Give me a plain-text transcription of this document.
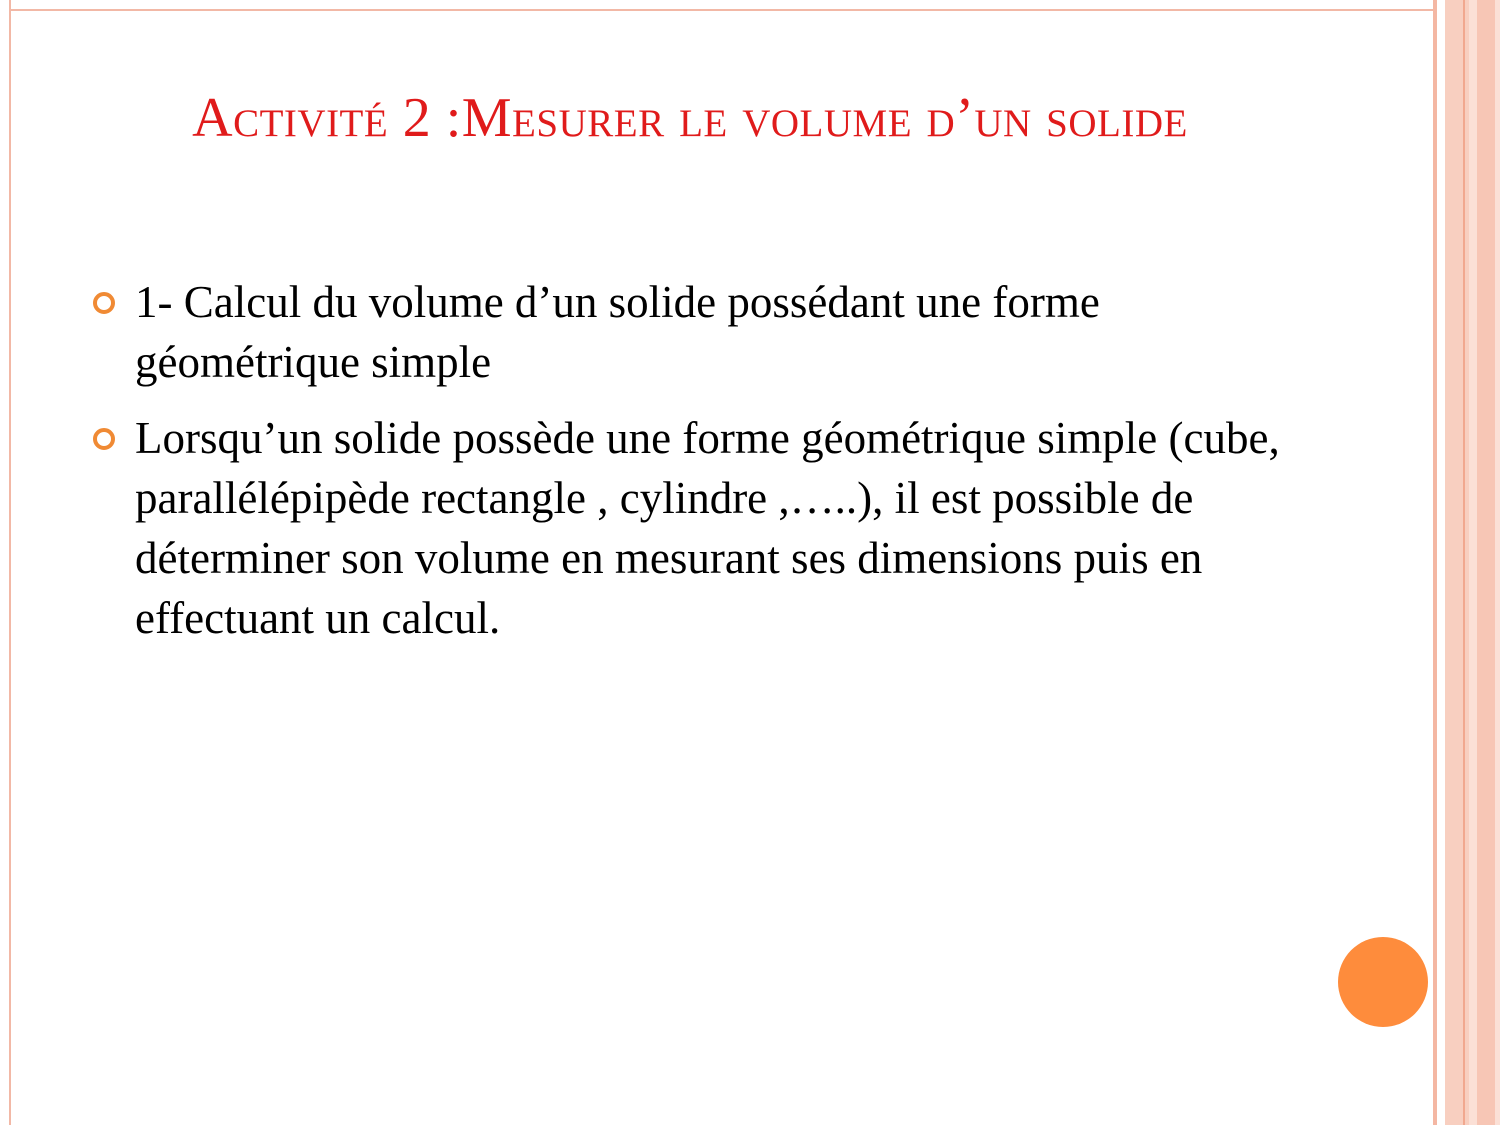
Activité 2 :Mesurer le volume d’un solide
1- Calcul du volume d’un solide possédant une forme géométrique simple
Lorsqu’un solide possède une forme géométrique simple (cube, parallélépipède rectangle , cylindre ,…..), il est possible de déterminer son volume en mesurant ses dimensions puis en effectuant un calcul.
